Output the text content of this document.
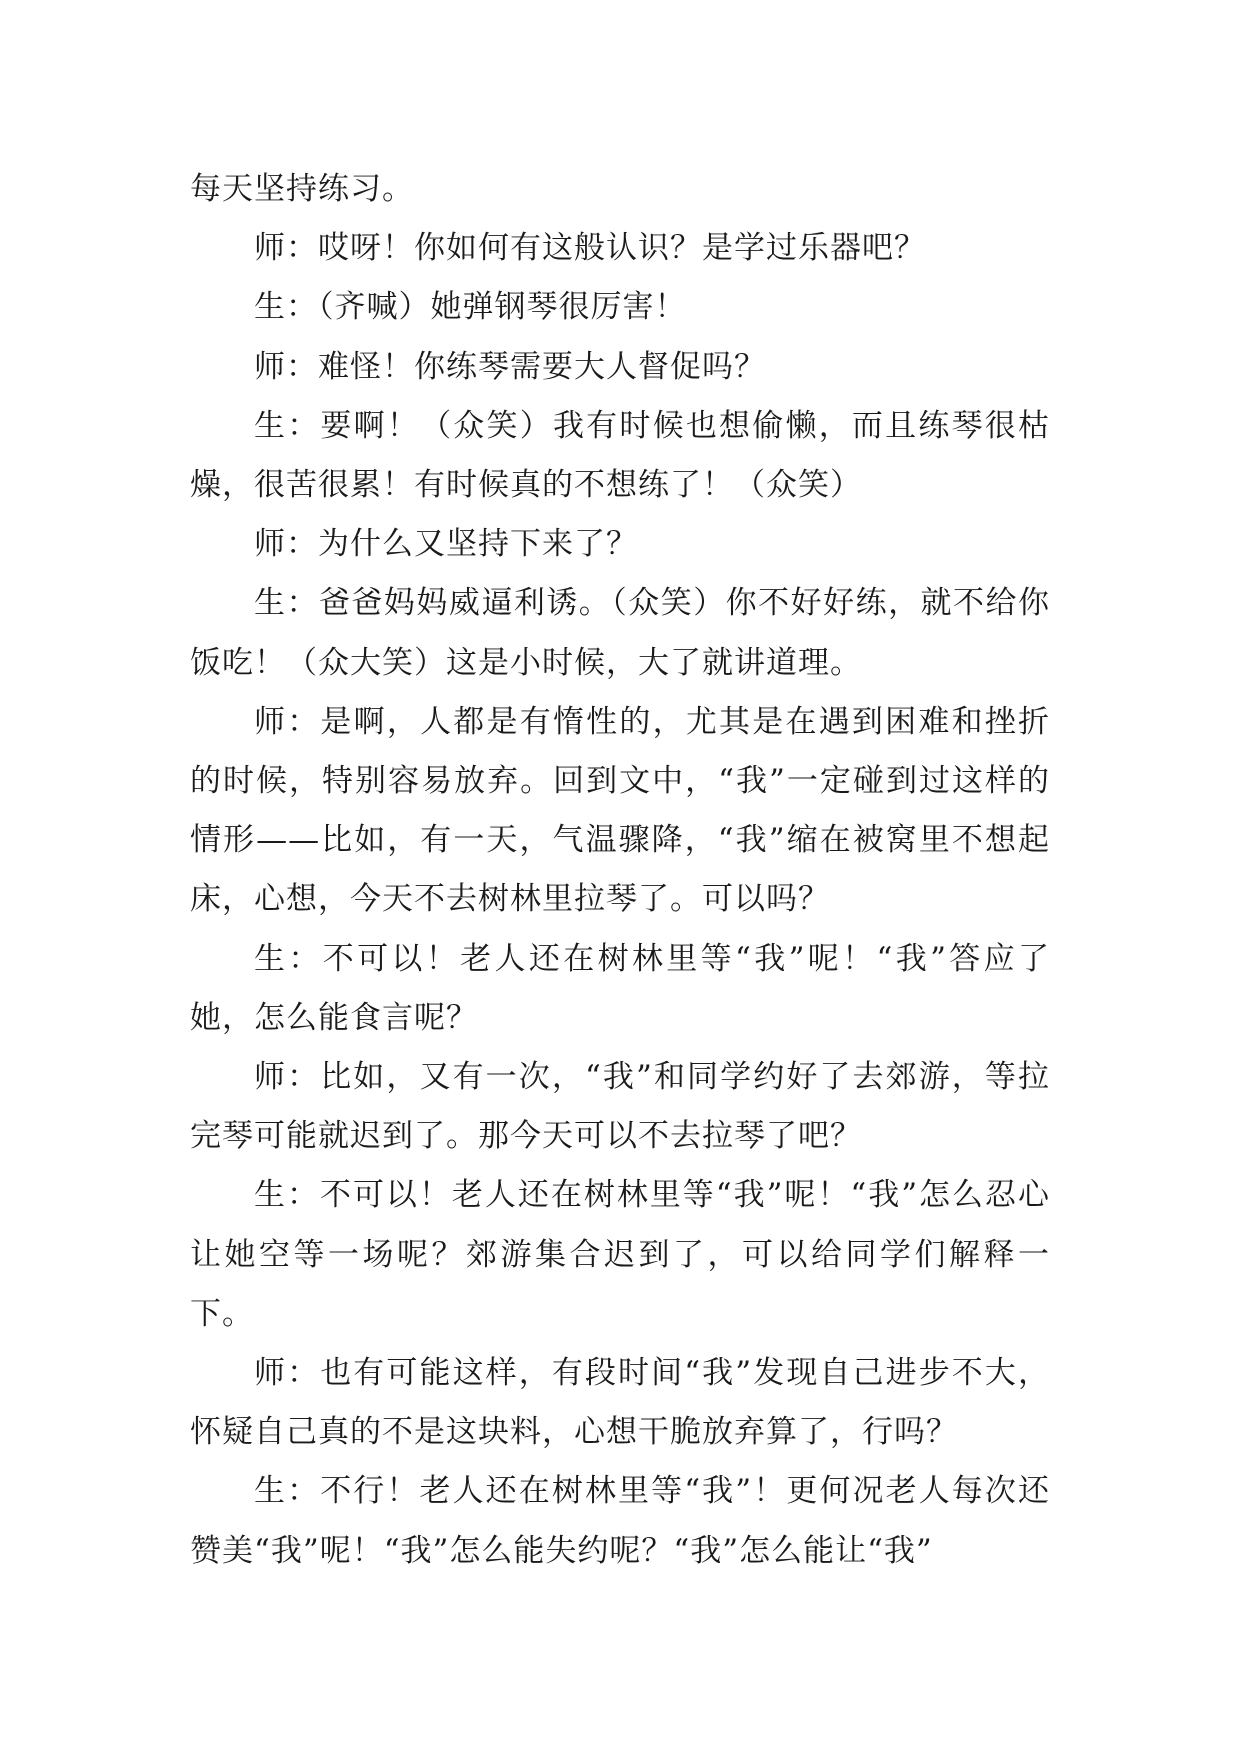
每天坚持练习。

师：哎呀！你如何有这般认识？是学过乐器吧？

生：（齐喊）她弹钢琴很厉害！

师：难怪！你练琴需要大人督促吗？

生：要啊！（众笑）我有时候也想偷懒，而且练琴很枯燥，很苦很累！有时候真的不想练了！（众笑）

师：为什么又坚持下来了？

生：爸爸妈妈威逼利诱。（众笑）你不好好练，就不给你饭吃！（众大笑）这是小时候，大了就讲道理。

师：是啊，人都是有惰性的，尤其是在遇到困难和挫折的时候，特别容易放弃。回到文中，“我”一定碰到过这样的情形——比如，有一天，气温骤降，“我”缩在被窝里不想起床，心想，今天不去树林里拉琴了。可以吗？

生：不可以！老人还在树林里等“我”呢！“我”答应了她，怎么能食言呢？

师：比如，又有一次，“我”和同学约好了去郊游，等拉完琴可能就迟到了。那今天可以不去拉琴了吧？

生：不可以！老人还在树林里等“我”呢！“我”怎么忍心让她空等一场呢？郊游集合迟到了，可以给同学们解释一下。

师：也有可能这样，有段时间“我”发现自己进步不大，怀疑自己真的不是这块料，心想干脆放弃算了，行吗？

生：不行！老人还在树林里等“我”！更何况老人每次还赞美“我”呢！“我”怎么能失约呢？“我”怎么能让“我”
